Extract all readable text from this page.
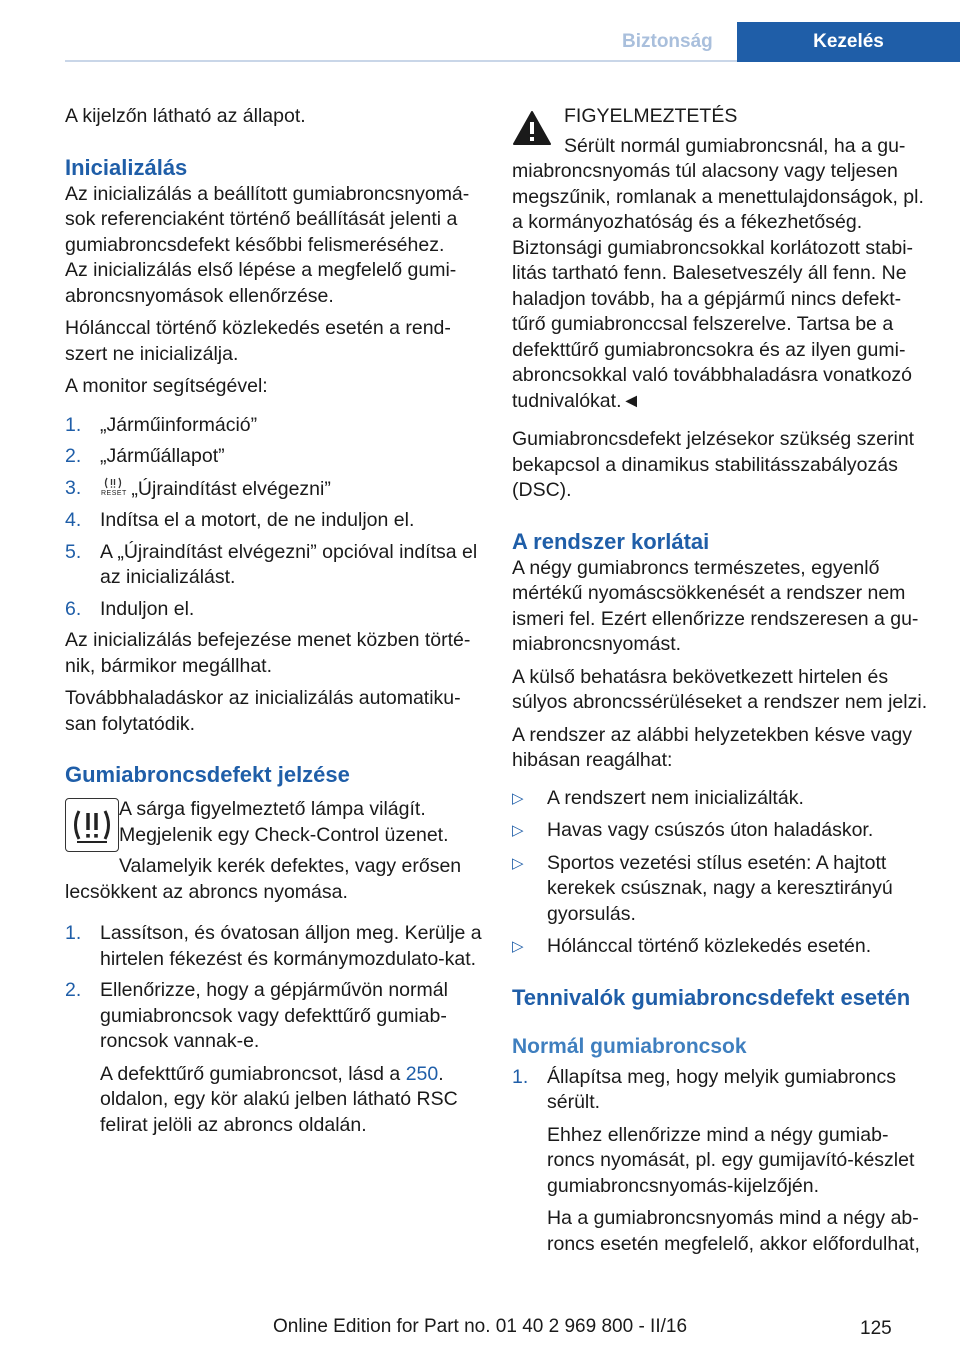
Biztonság	Kezelés

A kijelzőn látható az állapot.

Inicializálás

Az inicializálás a beállított gumiabroncsnyomá-
sok referenciaként történő beállítását jelenti a
gumiabroncsdefekt későbbi felismeréséhez.
Az inicializálás első lépése a megfelelő gumi-
abroncsnyomások ellenőrzése.
Hólánccal történő közlekedés esetén a rend-
szert ne inicializálja.

A monitor segítségével:

1. „Járműinformáció”
2. „Járműállapot”
3.	RESET „Újraindítást elvégezni”
4. Indítsa el a motort, de ne induljon el.
5. A „Újraindítást elvégezni” opcióval indítsa el az inicializálást.
6. Induljon el.
Az inicializálás befejezése menet közben törté-
nik, bármikor megállhat.
Továbbhaladáskor az inicializálás automatiku-
san folytatódik.

Gumiabroncsdefekt jelzése

A sárga figyelmeztető lámpa világít.
Megjelenik egy Check-Control üzenet.
Valamelyik kerék defektes, vagy erősen
lecsökkent az abroncs nyomása.
1. Lassítson, és óvatosan álljon meg. Kerülje a hirtelen fékezést és kormánymozdulato-kat.
2. Ellenőrizze, hogy a gépjárművön normál gumiabroncsok vagy defekttűrő gumiab-roncsok vannak-e.
A defekttűrő gumiabroncsot, lásd a 250. oldalon, egy kör alakú jelben látható RSC felirat jelöli az abroncs oldalán.
FIGYELMEZTETÉS
Sérült normál gumiabroncsnál, ha a gu-miabroncsnyomás túl alacsony vagy teljesen megszűnik, romlanak a menettulajdonságok, pl. a kormányozhatóság és a fékezhetőség. Biztonsági gumiabroncsokkal korlátozott stabi-litás tartható fenn. Balesetveszély áll fenn. Ne haladjon tovább, ha a gépjármű nincs defekt-tűrő gumiabronccsal felszerelve. Tartsa be a defekttűrő gumiabroncsokra és az ilyen gumi-abroncsokkal való továbbhaladásra vonatkozó tudnivalókat.◄

Gumiabroncsdefekt jelzésekor szükség szerint bekapcsol a dinamikus stabilitásszabályozás (DSC).

A rendszer korlátai

A négy gumiabroncs természetes, egyenlő mértékű nyomáscsökkenését a rendszer nem ismeri fel. Ezért ellenőrizze rendszeresen a gu-miabroncsnyomást.

A külső behatásra bekövetkezett hirtelen és súlyos abroncssérüléseket a rendszer nem jelzi.

A rendszer az alábbi helyzetekben késve vagy hibásan reagálhat:

▷ A rendszert nem inicializálták.
▷ Havas vagy csúszós úton haladáskor.
▷ Sportos vezetési stílus esetén: A hajtott kerekek csúsznak, nagy a keresztirányú gyorsulás.
▷ Hólánccal történő közlekedés esetén.

Tennivalók gumiabroncsdefekt esetén

Normál gumiabroncsok

1. Állapítsa meg, hogy melyik gumiabroncs sérült.
Ehhez ellenőrizze mind a négy gumiab-roncs nyomását, pl. egy gumijavító-készlet gumiabroncsnyomás-kijelzőjén.
Ha a gumiabroncsnyomás mind a négy ab-roncs esetén megfelelő, akkor előfordulhat,
Online Edition for Part no. 01 40 2 969 800 - II/16	125
